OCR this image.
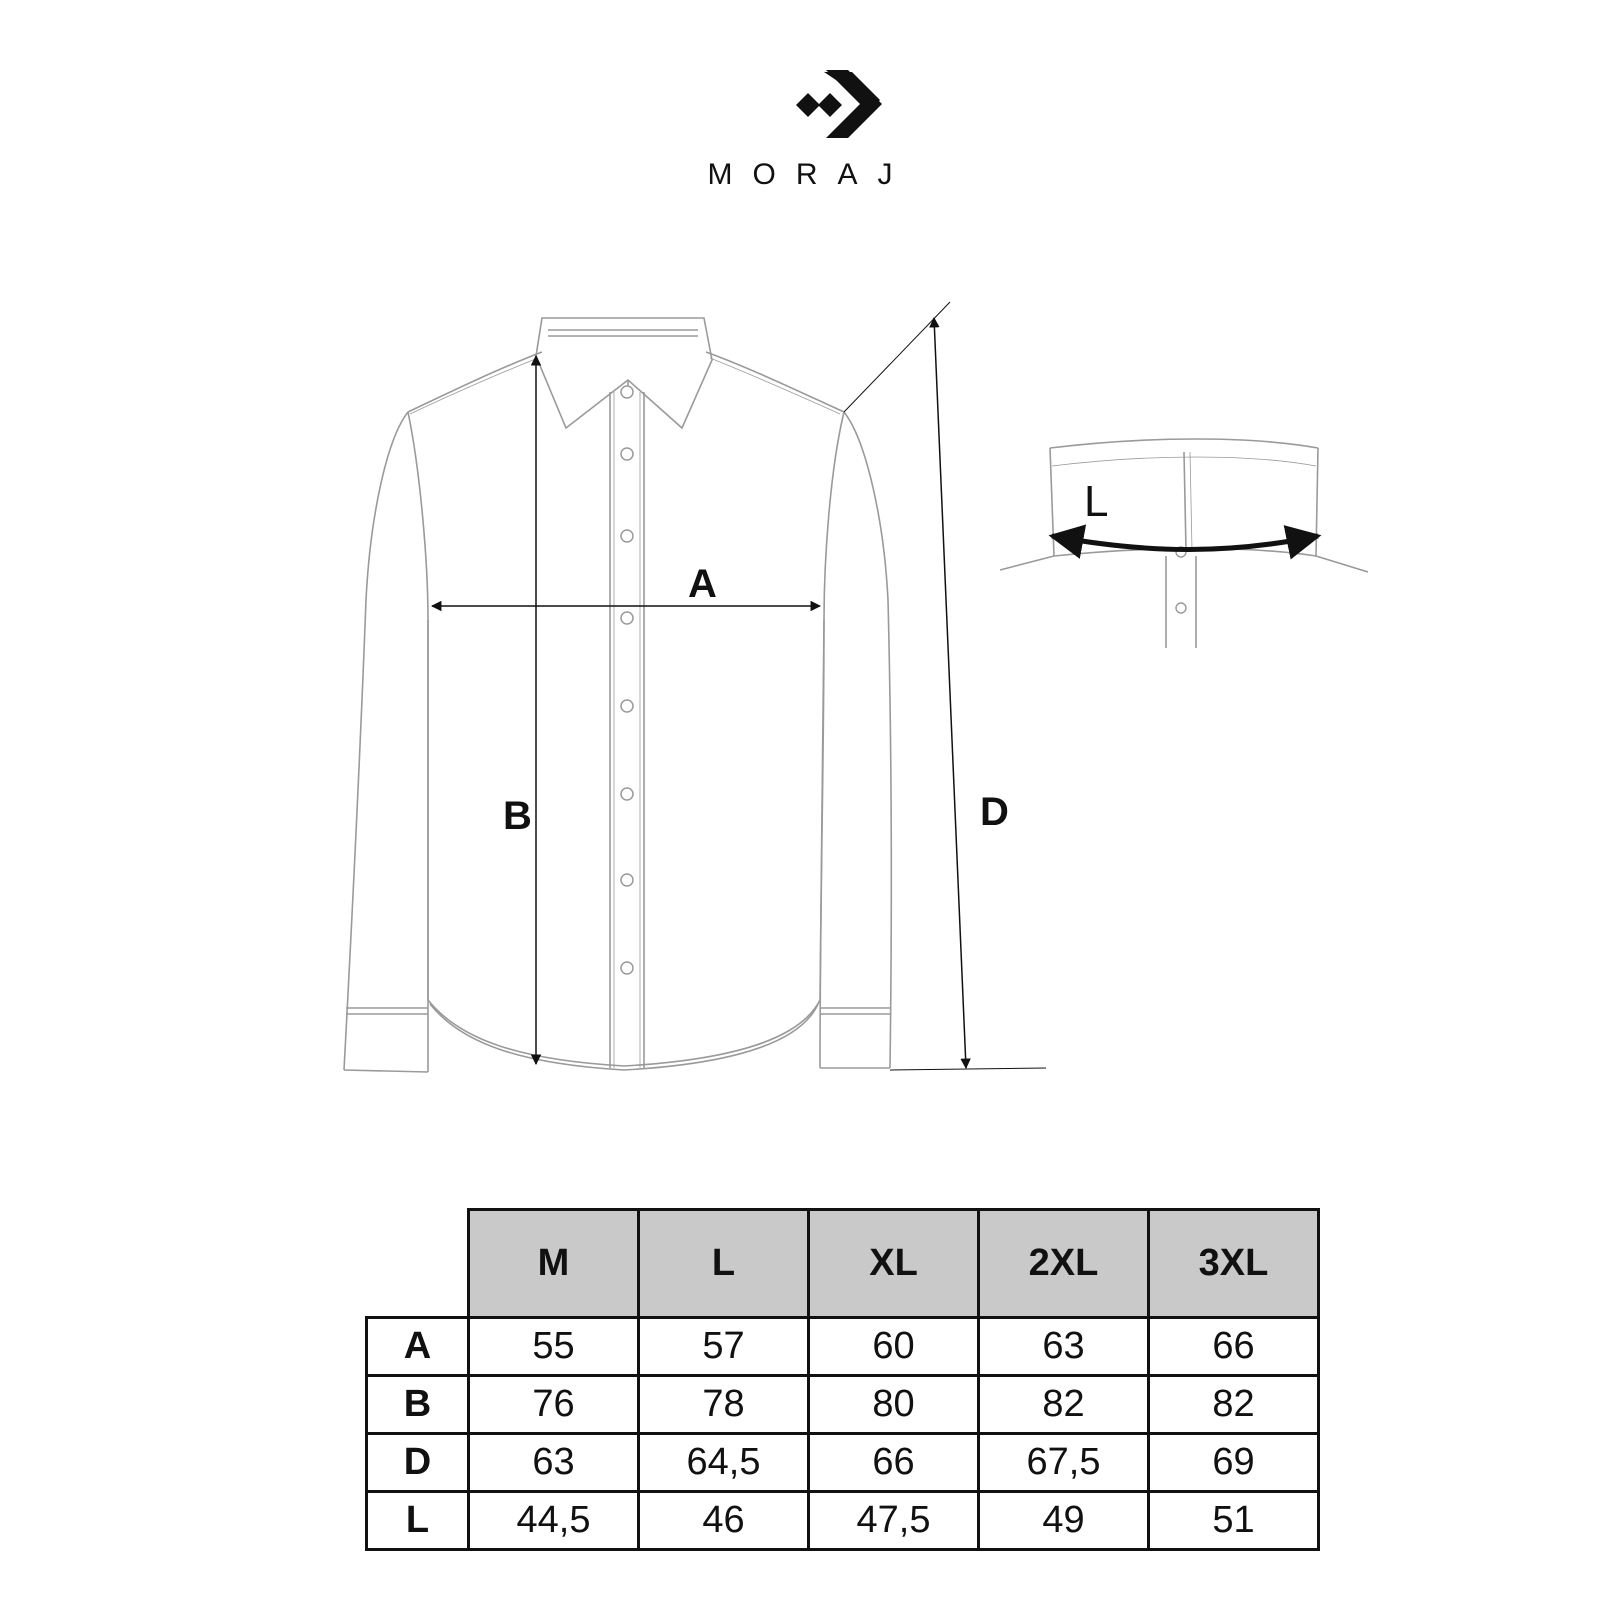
MORAJ
A
B	D
L
	M	L	XL	2XL	3XL
A	55	57	60	63	66
B	76	78	80	82	82
D	63	64,5	66	67,5	69
L	44,5	46	47,5	49	51
